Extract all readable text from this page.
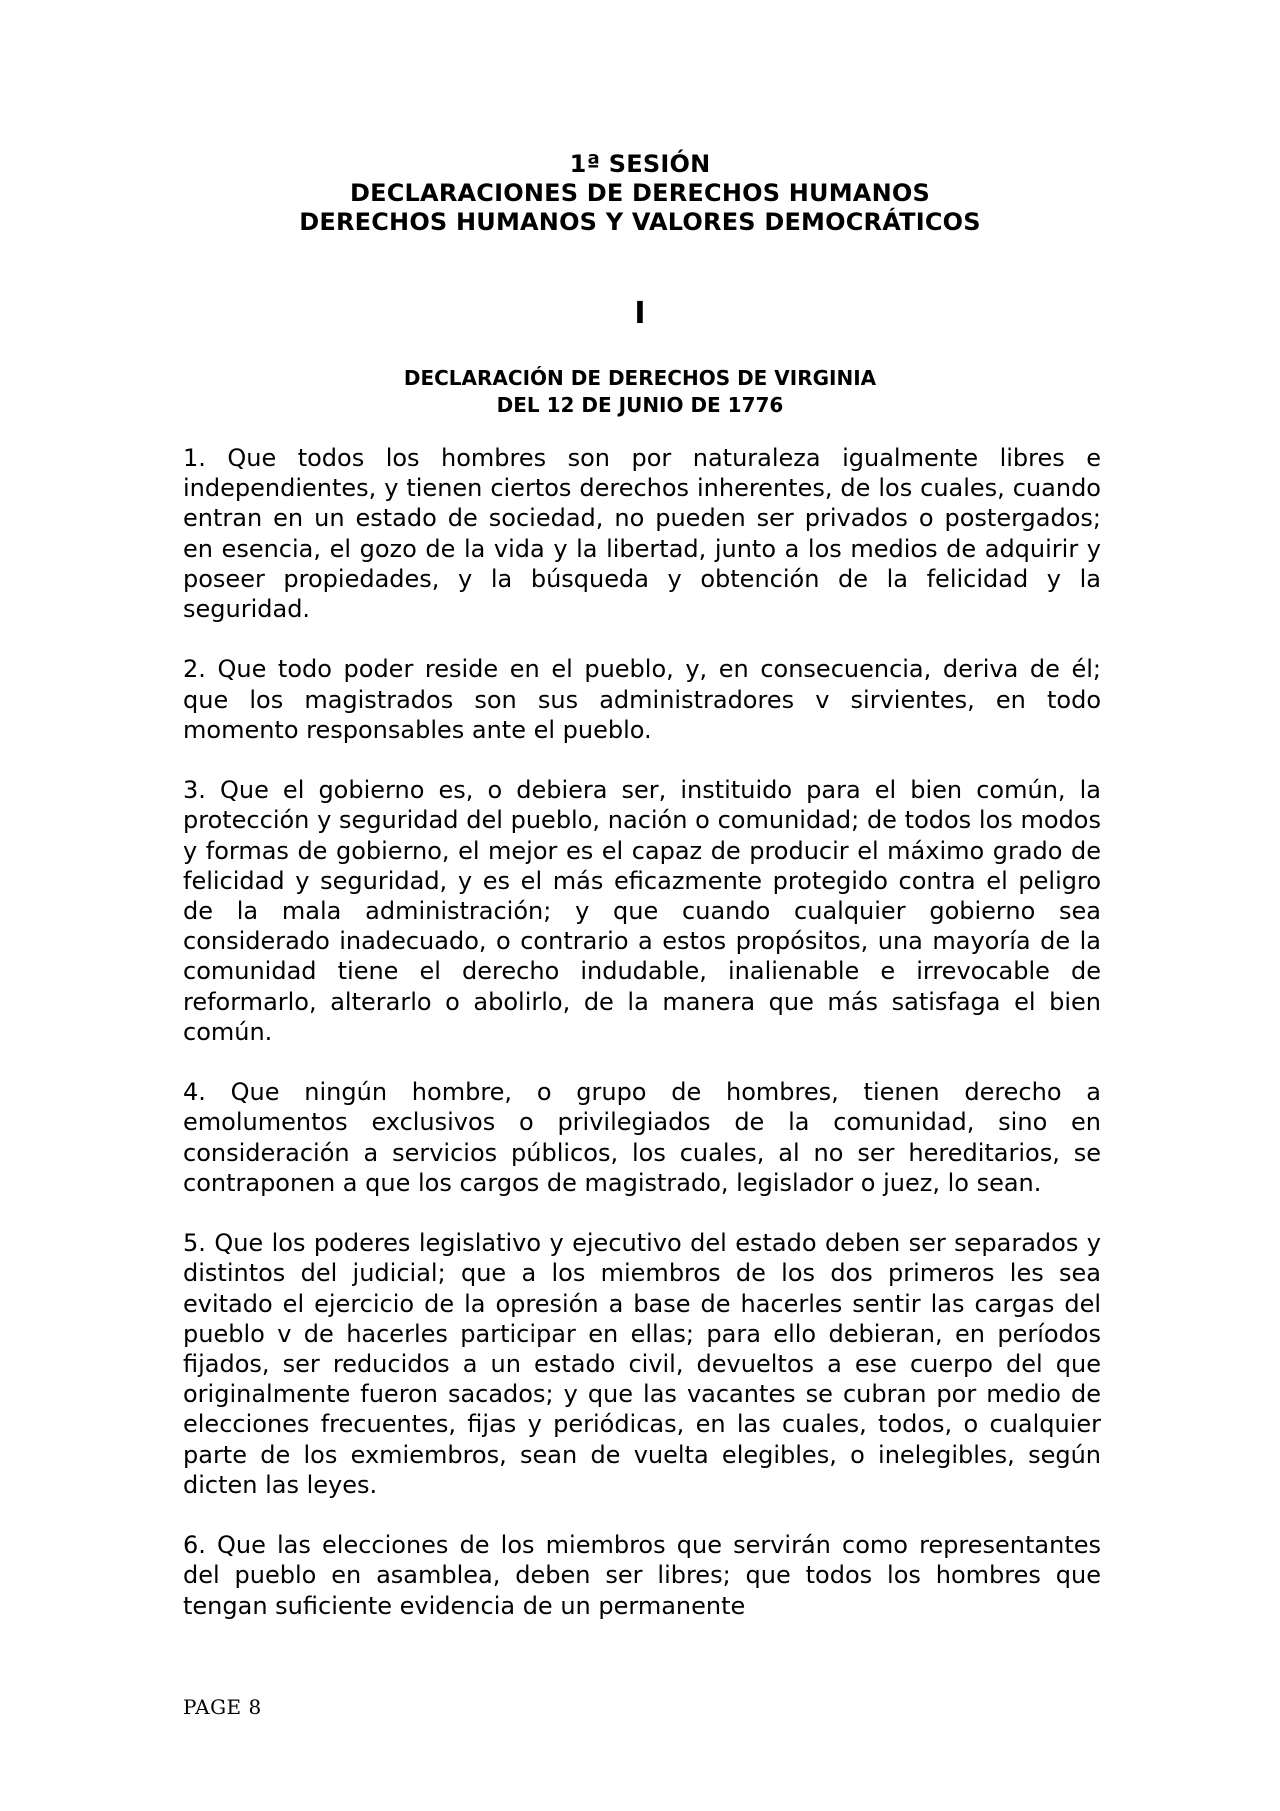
1ª SESIÓN
DECLARACIONES DE DERECHOS HUMANOS
DERECHOS HUMANOS Y VALORES DEMOCRÁTICOS
I
DECLARACIÓN DE DERECHOS DE VIRGINIA
DEL 12 DE JUNIO DE 1776

1. Que todos los hombres son por naturaleza igualmente libres e independientes, y tienen ciertos derechos inherentes, de los cuales, cuando entran en un estado de sociedad, no pueden ser privados o postergados; en esencia, el gozo de la vida y la libertad, junto a los medios de adquirir y poseer propiedades, y la búsqueda y obtención de la felicidad y la seguridad.

2. Que todo poder reside en el pueblo, y, en consecuencia, deriva de él; que los magistrados son sus administradores v sirvientes, en todo momento responsables ante el pueblo.

3. Que el gobierno es, o debiera ser, instituido para el bien común, la protección y seguridad del pueblo, nación o comunidad; de todos los modos y formas de gobierno, el mejor es el capaz de producir el máximo grado de felicidad y seguridad, y es el más eficazmente protegido contra el peligro de la mala administración; y que cuando cualquier gobierno sea considerado inadecuado, o contrario a estos propósitos, una mayoría de la comunidad tiene el derecho indudable, inalienable e irrevocable de reformarlo, alterarlo o abolirlo, de la manera que más satisfaga el bien común.

4. Que ningún hombre, o grupo de hombres, tienen derecho a emolumentos exclusivos o privilegiados de la comunidad, sino en consideración a servicios públicos, los cuales, al no ser hereditarios, se contraponen a que los cargos de magistrado, legislador o juez, lo sean.

5. Que los poderes legislativo y ejecutivo del estado deben ser separados y distintos del judicial; que a los miembros de los dos primeros les sea evitado el ejercicio de la opresión a base de hacerles sentir las cargas del pueblo v de hacerles participar en ellas; para ello debieran, en períodos fijados, ser reducidos a un estado civil, devueltos a ese cuerpo del que originalmente fueron sacados; y que las vacantes se cubran por medio de elecciones frecuentes, fijas y periódicas, en las cuales, todos, o cualquier parte de los exmiembros, sean de vuelta elegibles, o inelegibles, según dicten las leyes.

6. Que las elecciones de los miembros que servirán como representantes del pueblo en asamblea, deben ser libres; que todos los hombres que tengan suficiente evidencia de un permanente

PAGE 8
